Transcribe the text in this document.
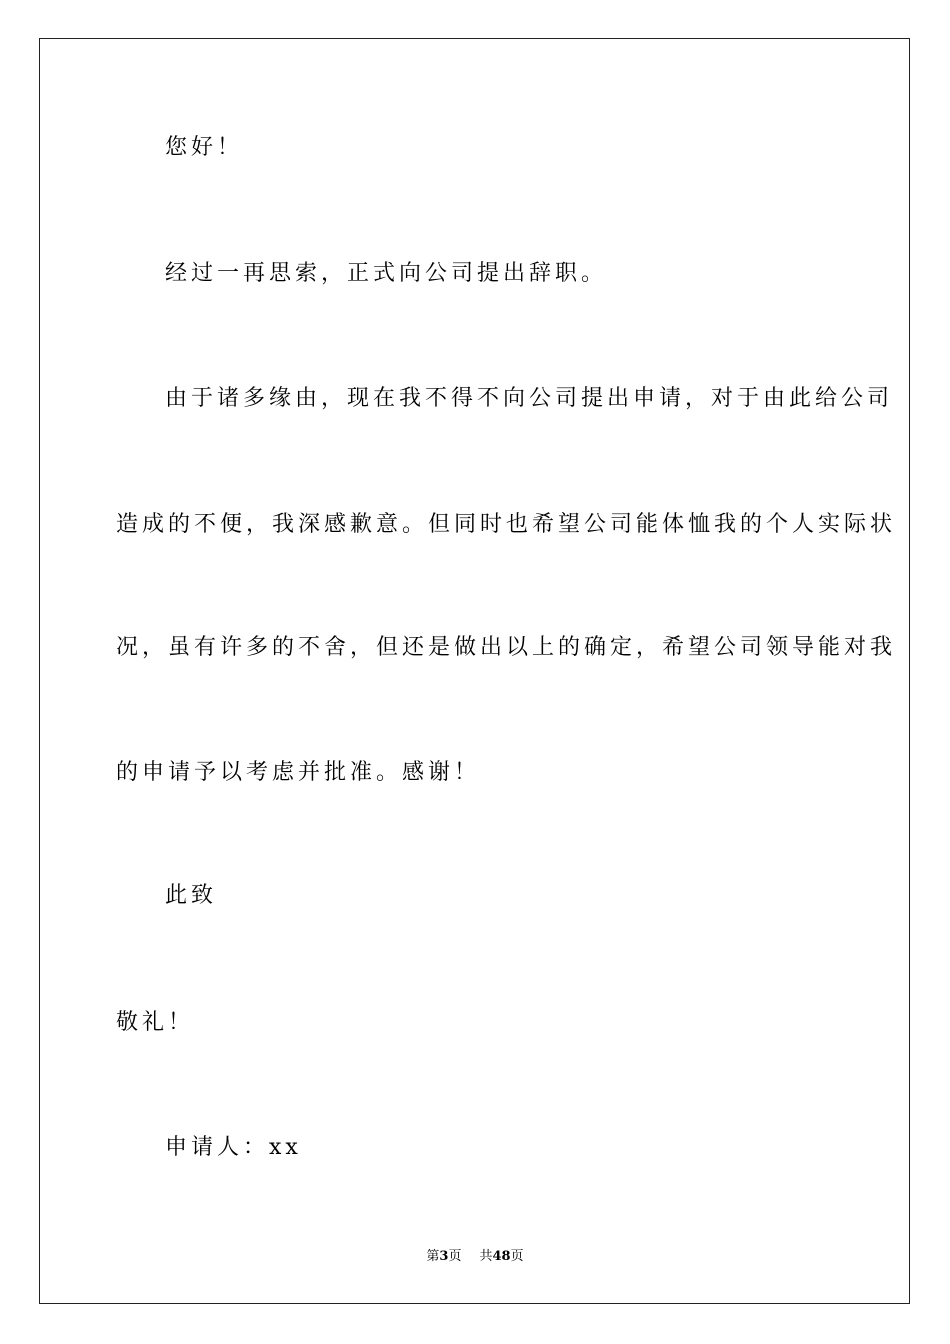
您好！

经过一再思索，正式向公司提出辞职。

由于诸多缘由，现在我不得不向公司提出申请，对于由此给公司

造成的不便，我深感歉意。但同时也希望公司能体恤我的个人实际状

况，虽有许多的不舍，但还是做出以上的确定，希望公司领导能对我

的申请予以考虑并批准。感谢！

此致

敬礼！

申请人：xx

第3页 共48页
